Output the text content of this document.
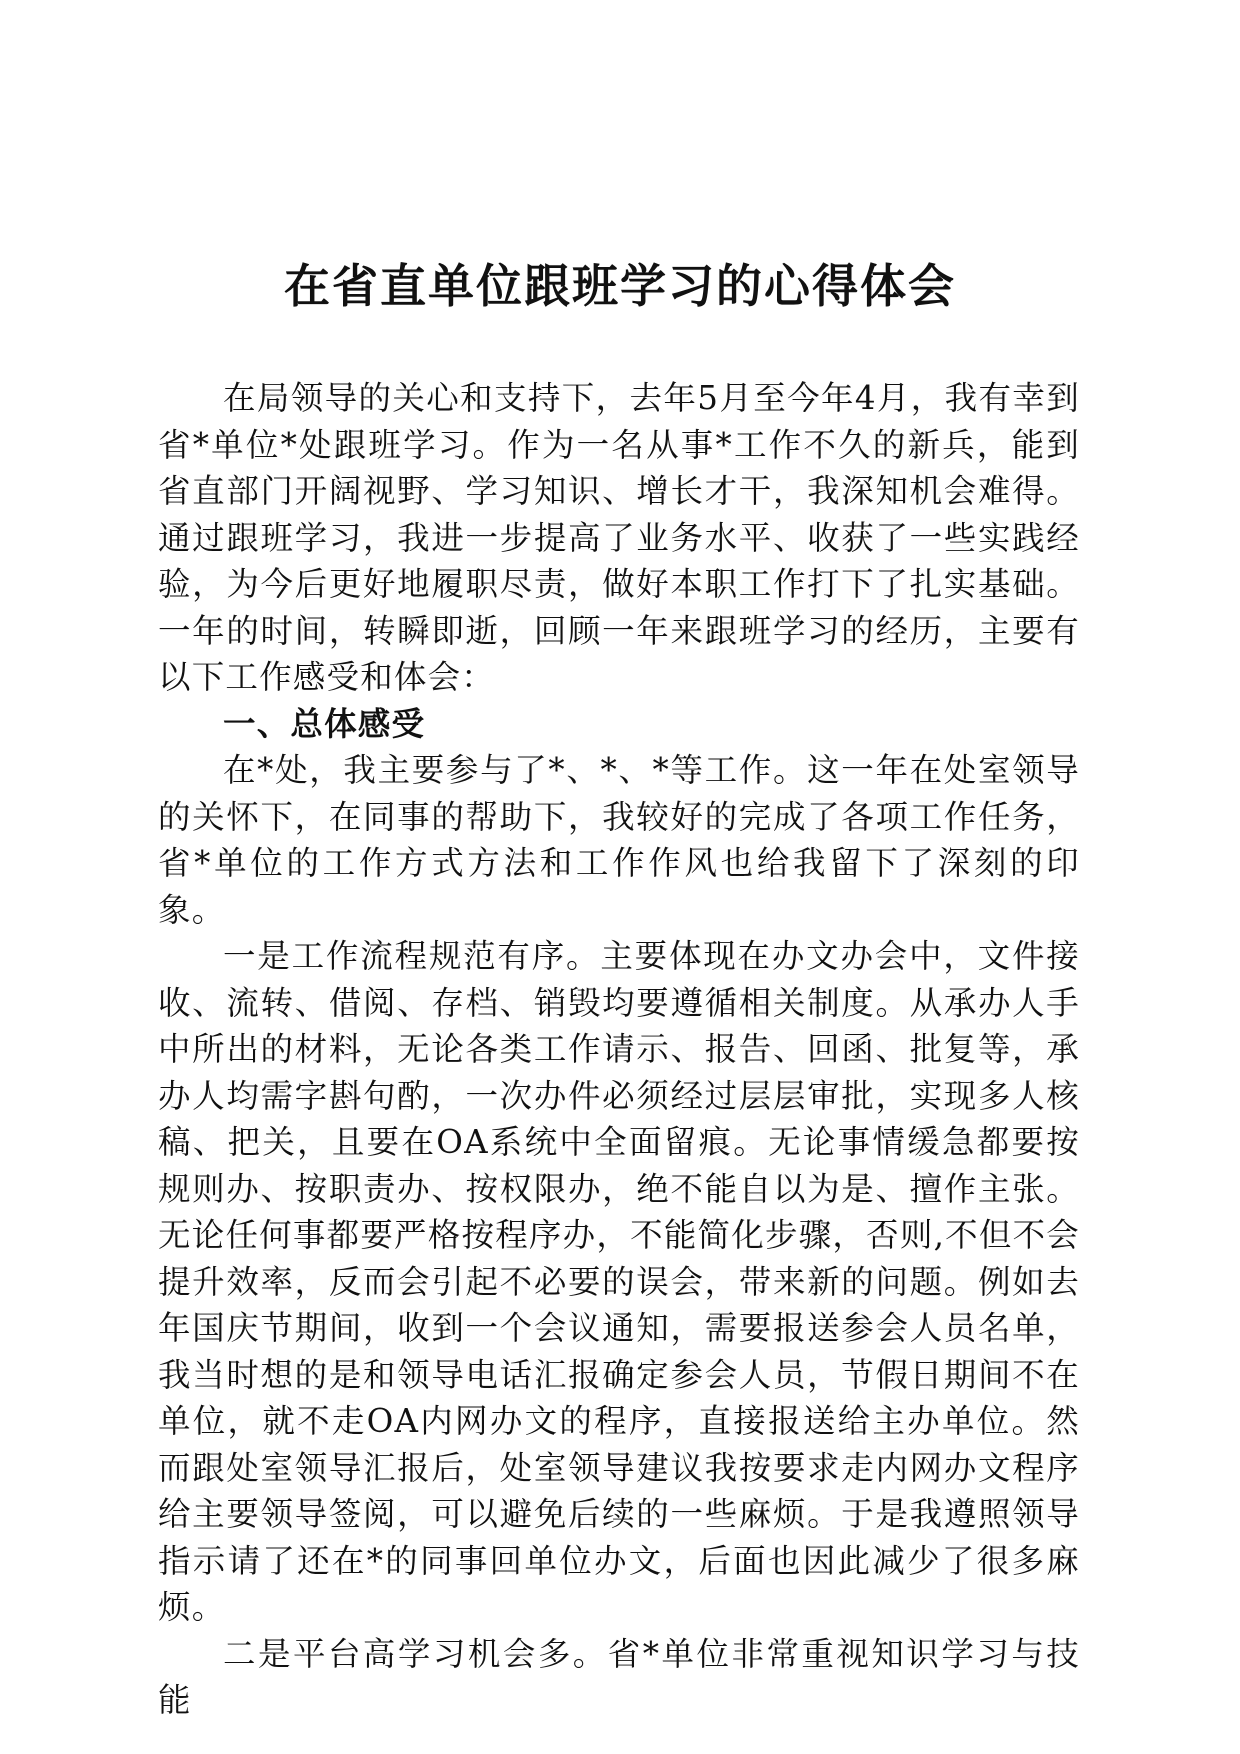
在省直单位跟班学习的心得体会

在局领导的关心和支持下，去年5月至今年4月，我有幸到省*单位*处跟班学习。作为一名从事*工作不久的新兵，能到省直部门开阔视野、学习知识、增长才干，我深知机会难得。通过跟班学习，我进一步提高了业务水平、收获了一些实践经验，为今后更好地履职尽责，做好本职工作打下了扎实基础。一年的时间，转瞬即逝，回顾一年来跟班学习的经历，主要有以下工作感受和体会：

一、总体感受

在*处，我主要参与了*、*、*等工作。这一年在处室领导的关怀下，在同事的帮助下，我较好的完成了各项工作任务，省*单位的工作方式方法和工作作风也给我留下了深刻的印象。

一是工作流程规范有序。主要体现在办文办会中，文件接收、流转、借阅、存档、销毁均要遵循相关制度。从承办人手中所出的材料，无论各类工作请示、报告、回函、批复等，承办人均需字斟句酌，一次办件必须经过层层审批，实现多人核稿、把关，且要在OA系统中全面留痕。无论事情缓急都要按规则办、按职责办、按权限办，绝不能自以为是、擅作主张。无论任何事都要严格按程序办，不能简化步骤，否则,不但不会提升效率，反而会引起不必要的误会，带来新的问题。例如去年国庆节期间，收到一个会议通知，需要报送参会人员名单，我当时想的是和领导电话汇报确定参会人员，节假日期间不在单位，就不走OA内网办文的程序，直接报送给主办单位。然而跟处室领导汇报后，处室领导建议我按要求走内网办文程序给主要领导签阅，可以避免后续的一些麻烦。于是我遵照领导指示请了还在*的同事回单位办文，后面也因此减少了很多麻烦。

二是平台高学习机会多。省*单位非常重视知识学习与技能
